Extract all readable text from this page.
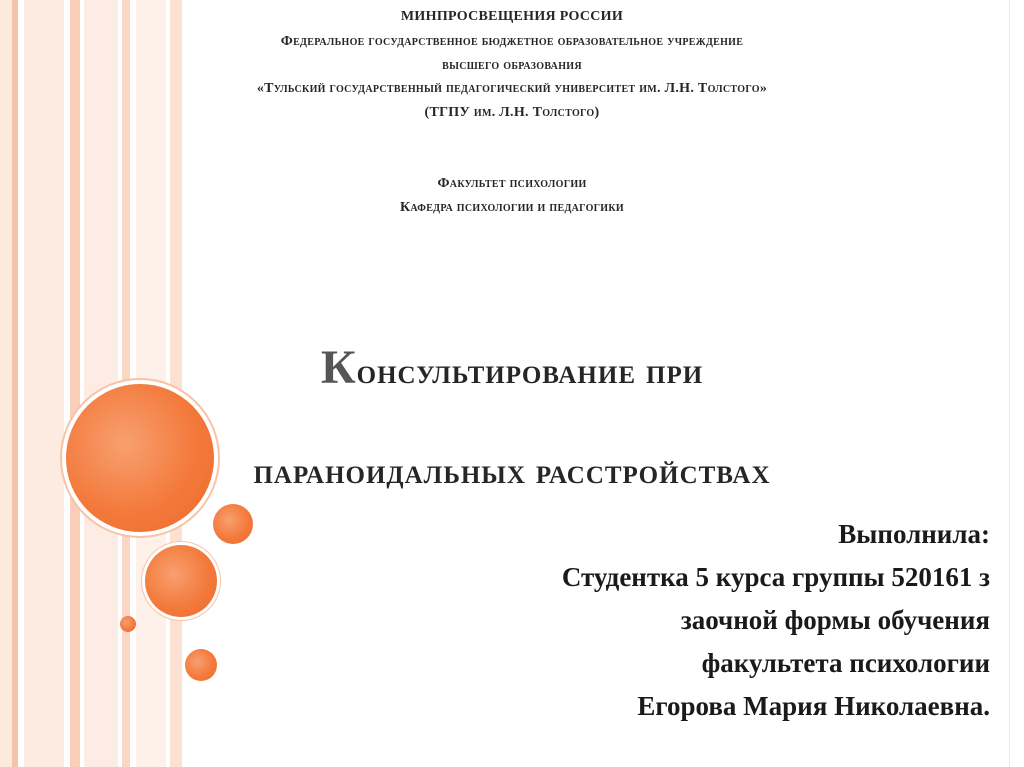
МИНПРОСВЕЩЕНИЯ РОССИИ
Федеральное государственное бюджетное образовательное учреждение
высшего образования
«Тульский государственный педагогический университет им. Л.Н. Толстого»
(ТГПУ им. Л.Н. Толстого)
Факультет психологии
Кафедра психологии и педагогики
Консультирование при
параноидальных расстройствах
Выполнила:
Студентка 5 курса группы 520161 з
заочной формы обучения
факультета психологии
Егорова Мария Николаевна.
